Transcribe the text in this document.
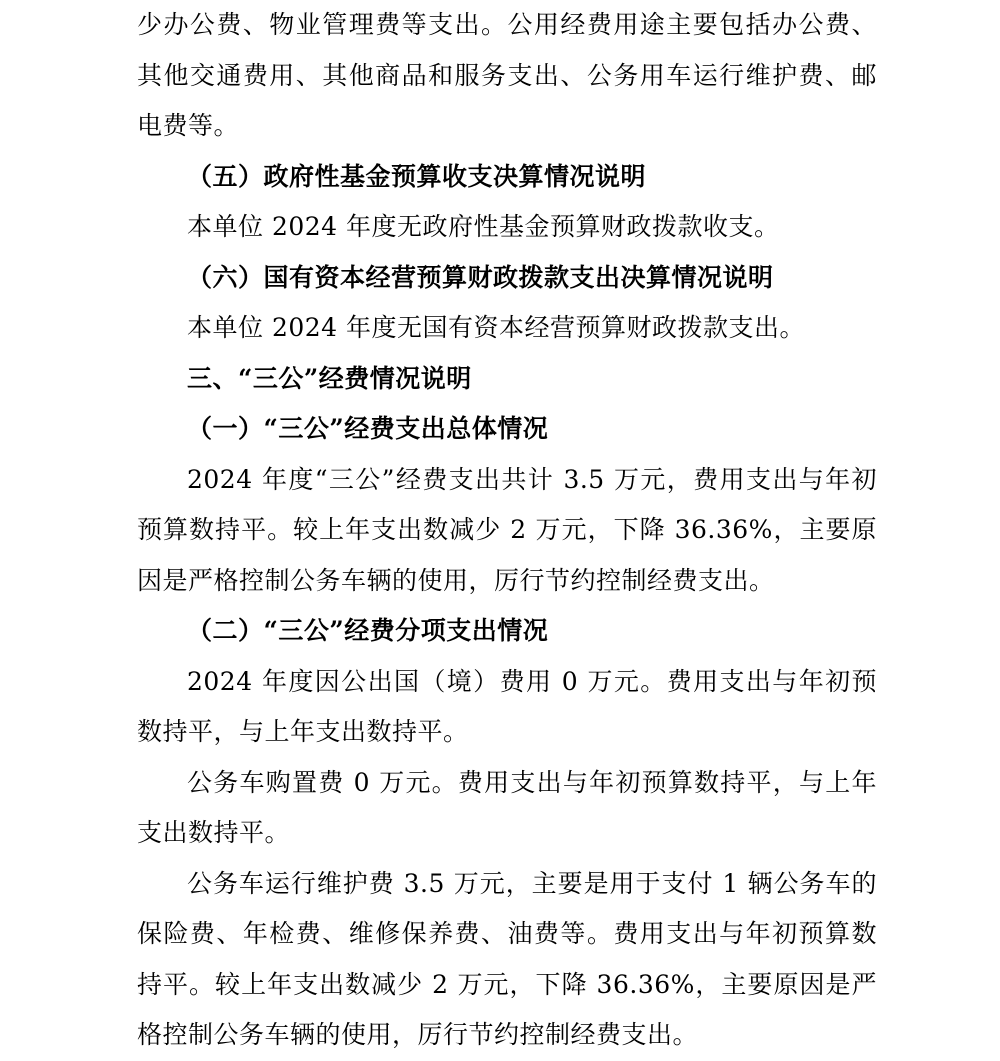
少办公费、物业管理费等支出。公用经费用途主要包括办公费、
其他交通费用、其他商品和服务支出、公务用车运行维护费、邮
电费等。
（五）政府性基金预算收支决算情况说明
本单位 2024 年度无政府性基金预算财政拨款收支。
（六）国有资本经营预算财政拨款支出决算情况说明
本单位 2024 年度无国有资本经营预算财政拨款支出。
三、“三公”经费情况说明
（一）“三公”经费支出总体情况
2024 年度“三公”经费支出共计 3.5 万元，费用支出与年初
预算数持平。较上年支出数减少 2 万元，下降 36.36%，主要原
因是严格控制公务车辆的使用，厉行节约控制经费支出。
（二）“三公”经费分项支出情况
2024 年度因公出国（境）费用 0 万元。费用支出与年初预
数持平，与上年支出数持平。
公务车购置费 0 万元。费用支出与年初预算数持平，与上年
支出数持平。
公务车运行维护费 3.5 万元，主要是用于支付 1 辆公务车的
保险费、年检费、维修保养费、油费等。费用支出与年初预算数
持平。较上年支出数减少 2 万元，下降 36.36%，主要原因是严
格控制公务车辆的使用，厉行节约控制经费支出。
